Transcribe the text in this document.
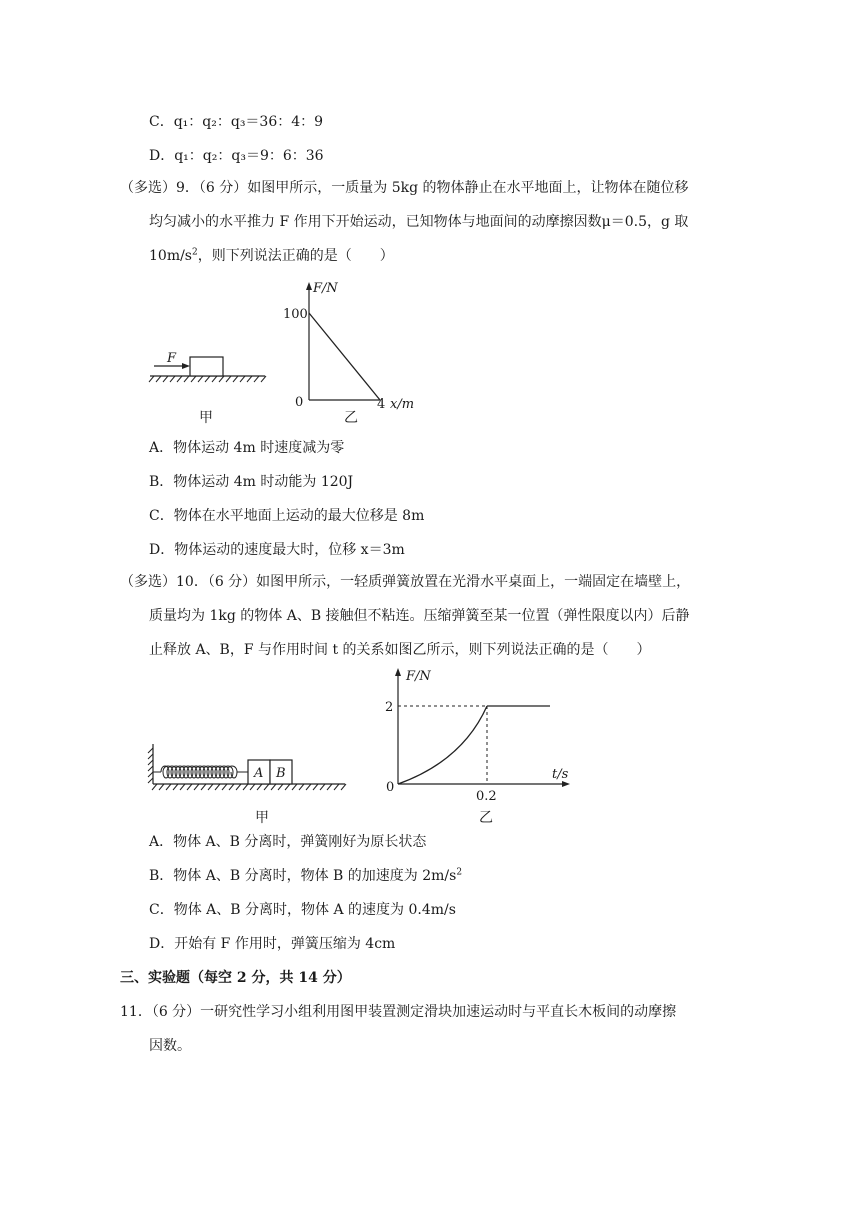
C．q₁：q₂：q₃＝36：4：9
D．q₁：q₂：q₃＝9：6：36
（多选）9．（6 分）如图甲所示，一质量为 5kg 的物体静止在水平地面上，让物体在随位移
均匀减小的水平推力 F 作用下开始运动，已知物体与地面间的动摩擦因数μ＝0.5，g 取
$10m/s^2$，则下列说法正确的是（　　）
F
甲
F/N
100
0	4 x/m
乙
A．物体运动 4m 时速度减为零
B．物体运动 4m 时动能为 120J
C．物体在水平地面上运动的最大位移是 8m
D．物体运动的速度最大时，位移 x＝3m
（多选）10．（6 分）如图甲所示，一轻质弹簧放置在光滑水平桌面上，一端固定在墙壁上，
质量均为 1kg 的物体 A、B 接触但不粘连。压缩弹簧至某一位置（弹性限度以内）后静
止释放 A、B，F 与作用时间 t 的关系如图乙所示，则下列说法正确的是（　　）
A B
甲
F/N
2
0
0.2
t/s
乙
A．物体 A、B 分离时，弹簧刚好为原长状态
B．物体 A、B 分离时，物体 B 的加速度为 $2m/s^2$
C．物体 A、B 分离时，物体 A 的速度为 0.4m/s
D．开始有 F 作用时，弹簧压缩为 4cm
三、实验题（每空 2 分，共 14 分）
11．（6 分）一研究性学习小组利用图甲装置测定滑块加速运动时与平直长木板间的动摩擦
因数。
